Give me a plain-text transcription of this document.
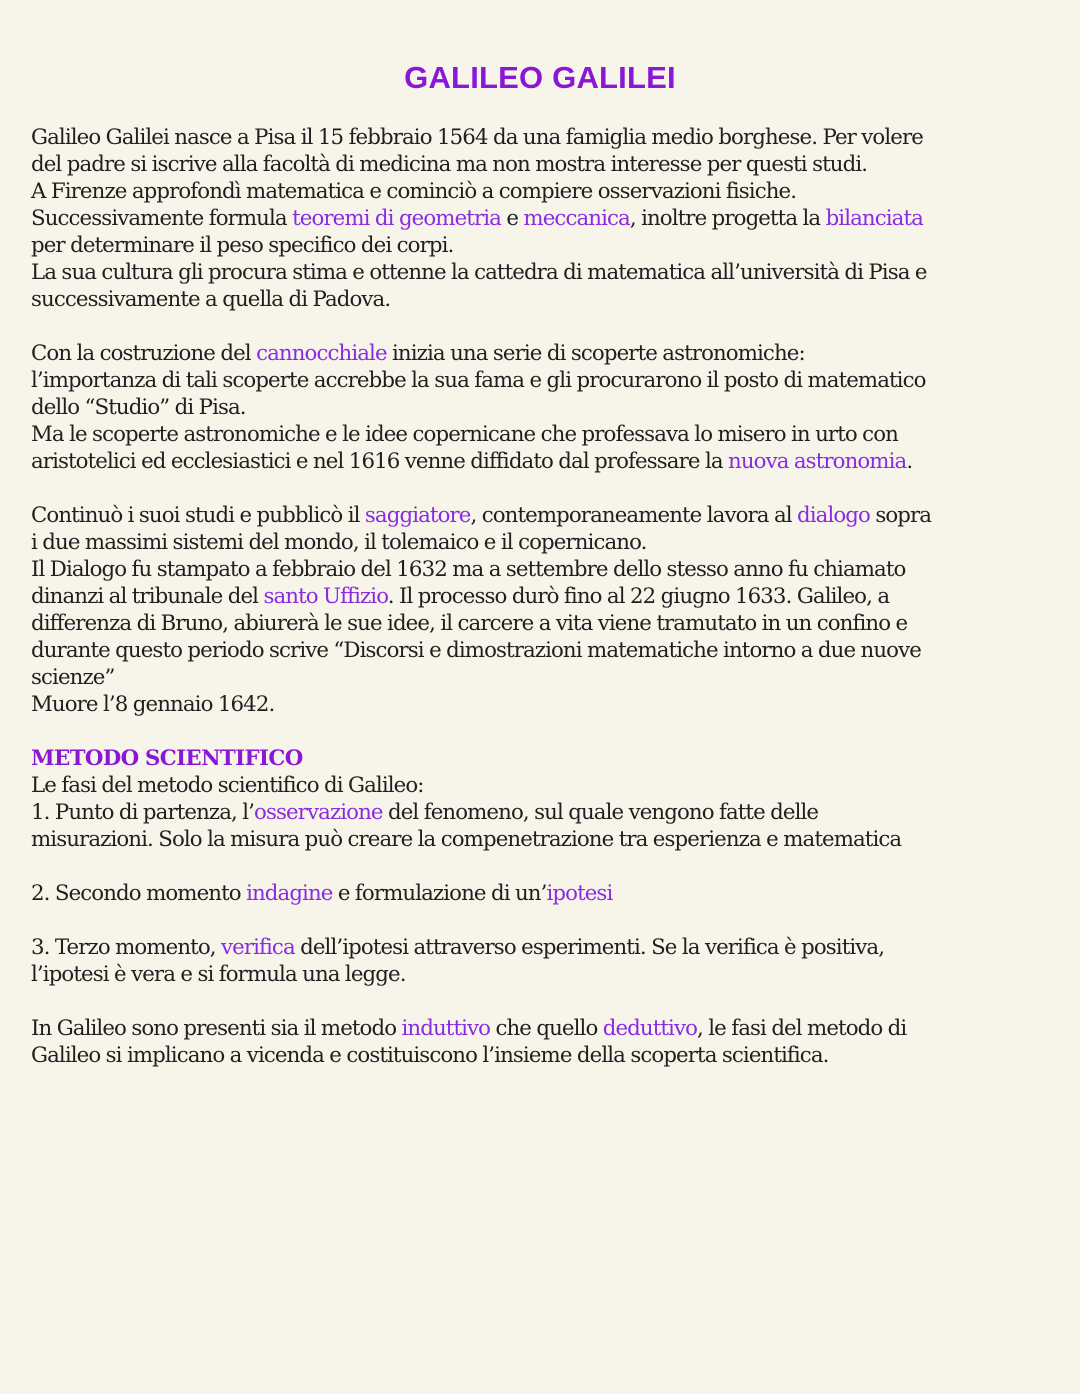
GALILEO GALILEI
Galileo Galilei nasce a Pisa il 15 febbraio 1564 da una famiglia medio borghese. Per volere
del padre si iscrive alla facoltà di medicina ma non mostra interesse per questi studi.
A Firenze approfondì matematica e cominciò a compiere osservazioni fisiche.
Successivamente formula teoremi di geometria e meccanica, inoltre progetta la bilanciata
per determinare il peso specifico dei corpi.
La sua cultura gli procura stima e ottenne la cattedra di matematica all’università di Pisa e
successivamente a quella di Padova.
Con la costruzione del cannocchiale inizia una serie di scoperte astronomiche:
l’importanza di tali scoperte accrebbe la sua fama e gli procurarono il posto di matematico
dello “Studio” di Pisa.
Ma le scoperte astronomiche e le idee copernicane che professava lo misero in urto con
aristotelici ed ecclesiastici e nel 1616 venne diffidato dal professare la nuova astronomia.
Continuò i suoi studi e pubblicò il saggiatore, contemporaneamente lavora al dialogo sopra
i due massimi sistemi del mondo, il tolemaico e il copernicano.
Il Dialogo fu stampato a febbraio del 1632 ma a settembre dello stesso anno fu chiamato
dinanzi al tribunale del santo Uffizio. Il processo durò fino al 22 giugno 1633. Galileo, a
differenza di Bruno, abiurerà le sue idee, il carcere a vita viene tramutato in un confino e
durante questo periodo scrive “Discorsi e dimostrazioni matematiche intorno a due nuove
scienze”
Muore l’8 gennaio 1642.
METODO SCIENTIFICO
Le fasi del metodo scientifico di Galileo:
1. Punto di partenza, l’osservazione del fenomeno, sul quale vengono fatte delle
misurazioni. Solo la misura può creare la compenetrazione tra esperienza e matematica
2. Secondo momento indagine e formulazione di un’ipotesi
3. Terzo momento, verifica dell’ipotesi attraverso esperimenti. Se la verifica è positiva,
l’ipotesi è vera e si formula una legge.
In Galileo sono presenti sia il metodo induttivo che quello deduttivo, le fasi del metodo di
Galileo si implicano a vicenda e costituiscono l’insieme della scoperta scientifica.
